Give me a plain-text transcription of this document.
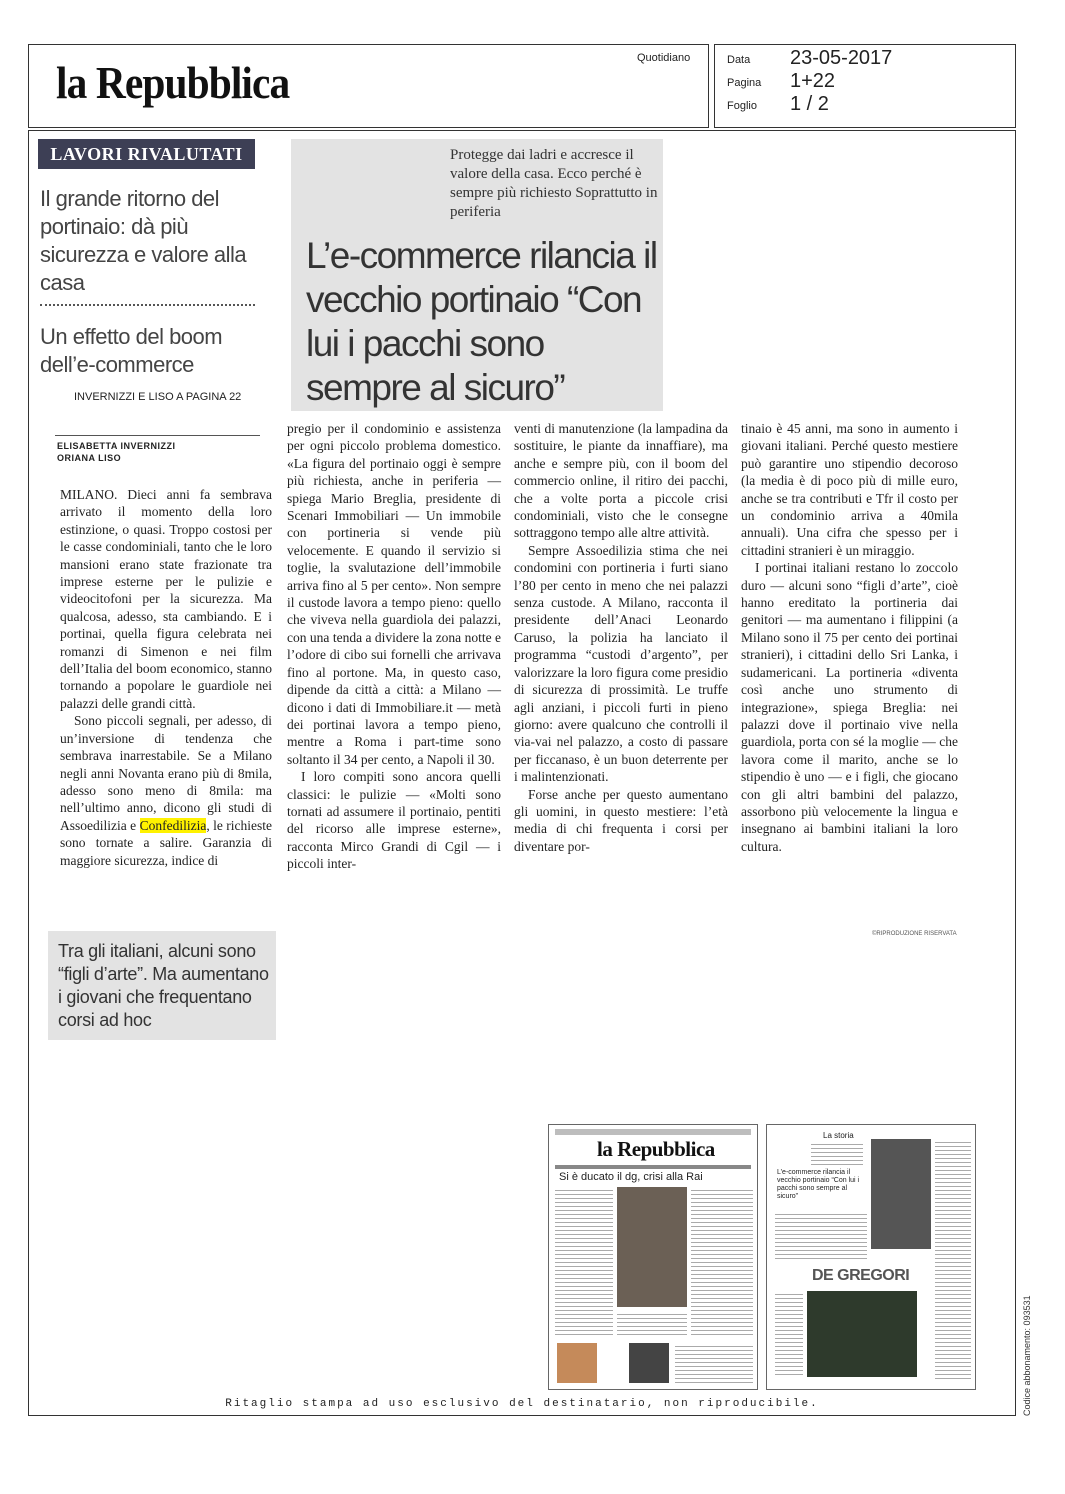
la Repubblica	Quotidiano	Data 23-05-2017
Pagina 1+22
Foglio 1 / 2
LAVORI RIVALUTATI
Il grande ritorno del portinaio: dà più sicurezza e valore alla casa
Un effetto del boom dell’e-commerce
INVERNIZZI E LISO A PAGINA 22
Protegge dai ladri e accresce il valore della casa. Ecco perché è sempre più richiesto Soprattutto in periferia
L’e-commerce rilancia il vecchio portinaio “Con lui i pacchi sono sempre al sicuro”
ELISABETTA INVERNIZZI
ORIANA LISO

MILANO. Dieci anni fa sembrava arrivato il momento della loro estinzione, o quasi. Troppo costosi per le casse condominiali, tanto che le loro mansioni erano state frazionate tra imprese esterne per le pulizie e videocitofoni per la sicurezza. Ma qualcosa, adesso, sta cambiando. E i portinai, quella figura celebrata nei romanzi di Simenon e nei film dell’Italia del boom economico, stanno tornando a popolare le guardiole nei palazzi delle grandi città.

Sono piccoli segnali, per adesso, di un’inversione di tendenza che sembrava inarrestabile. Se a Milano negli anni Novanta erano più di 8mila, adesso sono meno di 8mila: ma nell’ultimo anno, dicono gli studi di Assoedilizia e Confedilizia, le richieste sono tornate a salire. Garanzia di maggiore sicurezza, indice di

pregio per il condominio e assistenza per ogni piccolo problema domestico. «La figura del portinaio oggi è sempre più richiesta, anche in periferia — spiega Mario Breglia, presidente di Scenari Immobiliari — Un immobile con portineria si vende più velocemente. E quando il servizio si toglie, la svalutazione dell’immobile arriva fino al 5 per cento». Non sempre il custode lavora a tempo pieno: quello che viveva nella guardiola dei palazzi, con una tenda a dividere la zona notte e l’odore di cibo sui fornelli che arrivava fino al portone. Ma, in questo caso, dipende da città a città: a Milano — dicono i dati di Immobiliare.it — metà dei portinai lavora a tempo pieno, mentre a Roma i part-time sono soltanto il 34 per cento, a Napoli il 30.

I loro compiti sono ancora quelli classici: le pulizie — «Molti sono tornati ad assumere il portinaio, pentiti del ricorso alle imprese esterne», racconta Mirco Grandi di Cgil — i piccoli inter-

venti di manutenzione (la lampadina da sostituire, le piante da innaffiare), ma anche e sempre più, con il boom del commercio online, il ritiro dei pacchi, che a volte porta a piccole crisi condominiali, visto che le consegne sottraggono tempo alle altre attività.

Sempre Assoedilizia stima che nei condomini con portineria i furti siano l’80 per cento in meno che nei palazzi senza custode. A Milano, racconta il presidente dell’Anaci Leonardo Caruso, la polizia ha lanciato il programma “custodi d’argento”, per valorizzare la loro figura come presidio di sicurezza di prossimità. Le truffe agli anziani, i piccoli furti in pieno giorno: avere qualcuno che controlli il via-vai nel palazzo, a costo di passare per ficcanaso, è un buon deterrente per i malintenzionati.

Forse anche per questo aumentano gli uomini, in questo mestiere: l’età media di chi frequenta i corsi per diventare por-

tinaio è 45 anni, ma sono in aumento i giovani italiani. Perché questo mestiere può garantire uno stipendio decoroso (la media è di poco più di mille euro, anche se tra contributi e Tfr il costo per un condominio arriva a 40mila annuali). Una cifra che spesso per i cittadini stranieri è un miraggio.

I portinai italiani restano lo zoccolo duro — alcuni sono “figli d’arte”, cioè hanno ereditato la portineria dai genitori — ma aumentano i filippini (a Milano sono il 75 per cento dei portinai stranieri), i cittadini dello Sri Lanka, i sudamericani. La portineria «diventa così anche uno strumento di integrazione», spiega Breglia: nei palazzi dove il portinaio vive nella guardiola, porta con sé la moglie — che lavora come il marito, anche se lo stipendio è uno — e i figli, che giocano con gli altri bambini del palazzo, assorbono più velocemente la lingua e insegnano ai bambini italiani la loro cultura.

©RIPRODUZIONE RISERVATA
Tra gli italiani, alcuni sono “figli d’arte”. Ma aumentano i giovani che frequentano corsi ad hoc
la Repubblica
Si è ducato il dg, crisi alla Rai
La storia
L’e-commerce rilancia il vecchio portinaio “Con lui i pacchi sono sempre al sicuro”
DE GREGORI
Ritaglio stampa ad uso esclusivo del destinatario, non riproducibile.	Codice abbonamento: 093531
